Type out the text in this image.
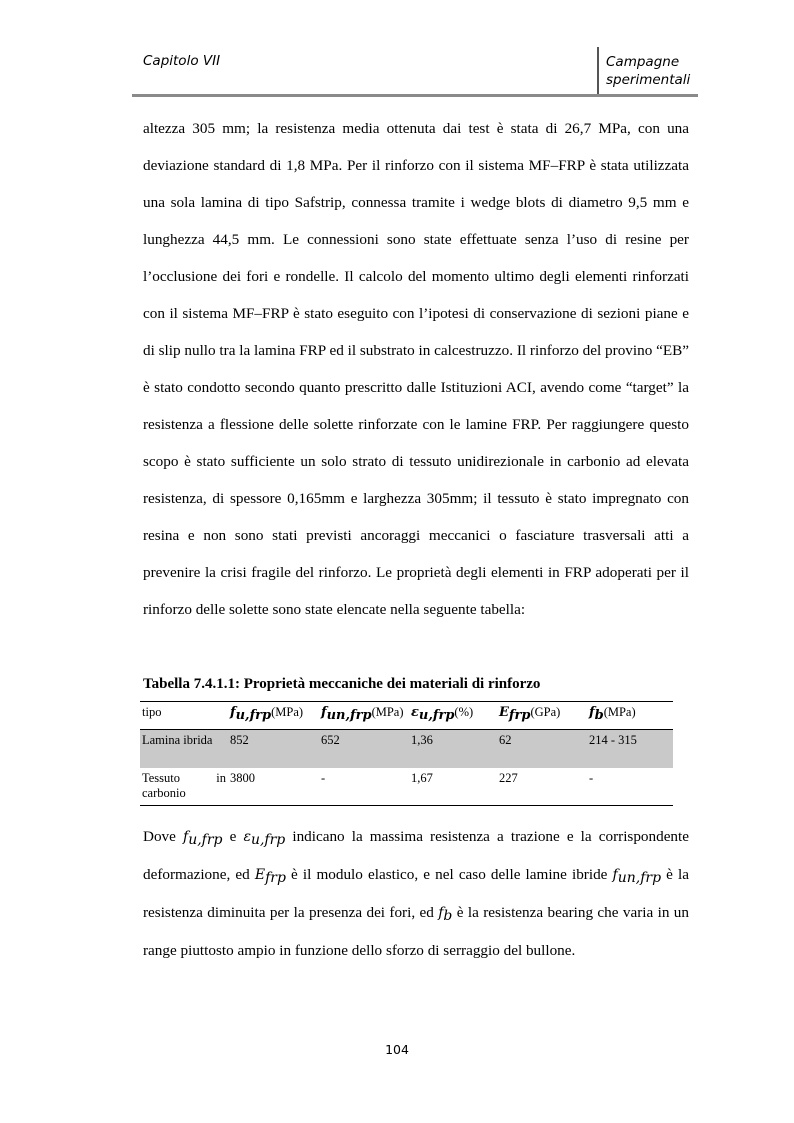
Capitolo VII	Campagne
sperimentali

altezza 305 mm; la resistenza media ottenuta dai test è stata di 26,7 MPa, con una deviazione standard di 1,8 MPa. Per il rinforzo con il sistema MF–FRP è stata utilizzata una sola lamina di tipo Safstrip, connessa tramite i wedge blots di diametro 9,5 mm e lunghezza 44,5 mm. Le connessioni sono state effettuate senza l’uso di resine per l’occlusione dei fori e rondelle. Il calcolo del momento ultimo degli elementi rinforzati con il sistema MF–FRP è stato eseguito con l’ipotesi di conservazione di sezioni piane e di slip nullo tra la lamina FRP ed il substrato in calcestruzzo. Il rinforzo del provino “EB” è stato condotto secondo quanto prescritto dalle Istituzioni ACI, avendo come “target” la resistenza a flessione delle solette rinforzate con le lamine FRP. Per raggiungere questo scopo è stato sufficiente un solo strato di tessuto unidirezionale in carbonio ad elevata resistenza, di spessore 0,165mm e larghezza 305mm; il tessuto è stato impregnato con resina e non sono stati previsti ancoraggi meccanici o fasciature trasversali atti a prevenire la crisi fragile del rinforzo. Le proprietà degli elementi in FRP adoperati per il rinforzo delle solette sono state elencate nella seguente tabella:

Tabella 7.4.1.1: Proprietà meccaniche dei materiali di rinforzo
tipo	$f_{u,frp}(MPa)$	$f_{un,frp}(MPa)$	$\varepsilon_{u,frp}(\%)$	$E_{frp}(GPa)$	$f_b(MPa)$
Lamina ibrida	852	652	1,36	62	214 - 315

Tessuto in
carbonio	3800	-	1,67	227	-

Dove $f_{u,frp}$ e $\varepsilon_{u,frp}$ indicano la massima resistenza a trazione e la corrispondente deformazione, ed $E_{frp}$ è il modulo elastico, e nel caso delle lamine ibride $f_{un,frp}$ è la resistenza diminuita per la presenza dei fori, ed $f_b$ è la resistenza bearing che varia in un range piuttosto ampio in funzione dello sforzo di serraggio del bullone.

104
